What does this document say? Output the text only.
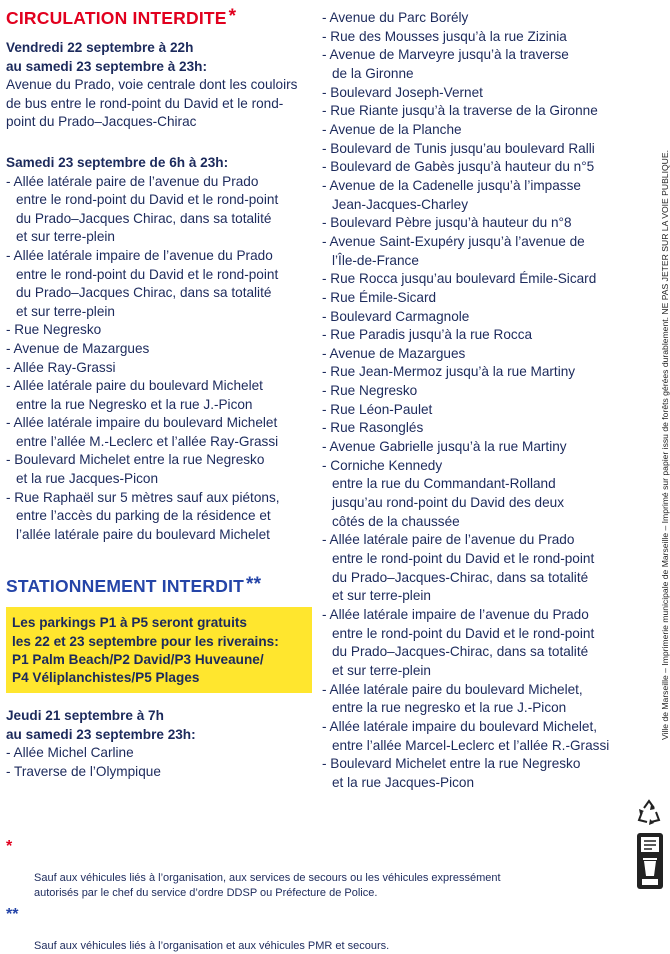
CIRCULATION INTERDITE *
Vendredi 22 septembre à 22h
au samedi 23 septembre à 23h:
Avenue du Prado, voie centrale dont les couloirs de bus entre le rond-point du David et le rond-point du Prado–Jacques-Chirac
Samedi 23 septembre de 6h à 23h:
- Allée latérale paire de l’avenue du Prado
entre le rond-point du David et le rond-point
du Prado–Jacques Chirac, dans sa totalité
et sur terre-plein
- Allée latérale impaire de l’avenue du Prado
entre le rond-point du David et le rond-point
du Prado–Jacques Chirac, dans sa totalité
et sur terre-plein
- Rue Negresko
- Avenue de Mazargues
- Allée Ray-Grassi
- Allée latérale paire du boulevard Michelet
entre la rue Negresko et la rue J.-Picon
- Allée latérale impaire du boulevard Michelet
entre l’allée M.-Leclerc et l’allée Ray-Grassi
- Boulevard Michelet entre la rue Negresko
et la rue Jacques-Picon
- Rue Raphaël sur 5 mètres sauf aux piétons,
entre l’accès du parking de la résidence et
l’allée latérale paire du boulevard Michelet
STATIONNEMENT INTERDIT **
Les parkings P1 à P5 seront gratuits
les 22 et 23 septembre pour les riverains:
P1 Palm Beach/P2 David/P3 Huveaune/
P4 Véliplanchistes/P5 Plages
Jeudi 21 septembre à 7h
au samedi 23 septembre 23h:
- Allée Michel Carline
- Traverse de l’Olympique
- Avenue du Parc Borély
- Rue des Mousses jusqu’à la rue Zizinia
- Avenue de Marveyre jusqu’à la traverse
de la Gironne
- Boulevard Joseph-Vernet
- Rue Riante jusqu’à la traverse de la Gironne
- Avenue de la Planche
- Boulevard de Tunis jusqu’au boulevard Ralli
- Boulevard de Gabès jusqu’à hauteur du n°5
- Avenue de la Cadenelle jusqu’à l’impasse
Jean-Jacques-Charley
- Boulevard Pèbre jusqu’à hauteur du n°8
- Avenue Saint-Exupéry jusqu’à l’avenue de
l’Île-de-France
- Rue Rocca jusqu’au boulevard Émile-Sicard
- Rue Émile-Sicard
- Boulevard Carmagnole
- Rue Paradis jusqu’à la rue Rocca
- Avenue de Mazargues
- Rue Jean-Mermoz jusqu’à la rue Martiny
- Rue Negresko
- Rue Léon-Paulet
- Rue Rasonglés
- Avenue Gabrielle jusqu’à la rue Martiny
- Corniche Kennedy
entre la rue du Commandant-Rolland
jusqu’au rond-point du David des deux
côtés de la chaussée
- Allée latérale paire de l’avenue du Prado
entre le rond-point du David et le rond-point
du Prado–Jacques-Chirac, dans sa totalité
et sur terre-plein
- Allée latérale impaire de l’avenue du Prado
entre le rond-point du David et le rond-point
du Prado–Jacques-Chirac, dans sa totalité
et sur terre-plein
- Allée latérale paire du boulevard Michelet,
entre la rue negresko et la rue J.-Picon
- Allée latérale impaire du boulevard Michelet,
entre l’allée Marcel-Leclerc et l’allée R.-Grassi
- Boulevard Michelet entre la rue Negresko
et la rue Jacques-Picon

*

Sauf aux véhicules liés à l’organisation, aux services de secours ou les véhicules expressément
autorisés par le chef du service d’ordre DDSP ou Préfecture de Police.

**

Sauf aux véhicules liés à l’organisation et aux véhicules PMR et secours.

Ville de Marseille – Imprimerie municipale de Marseille – Imprimé sur papier issu de forêts gérées durablement. NE PAS JETER SUR LA VOIE PUBLIQUE.
